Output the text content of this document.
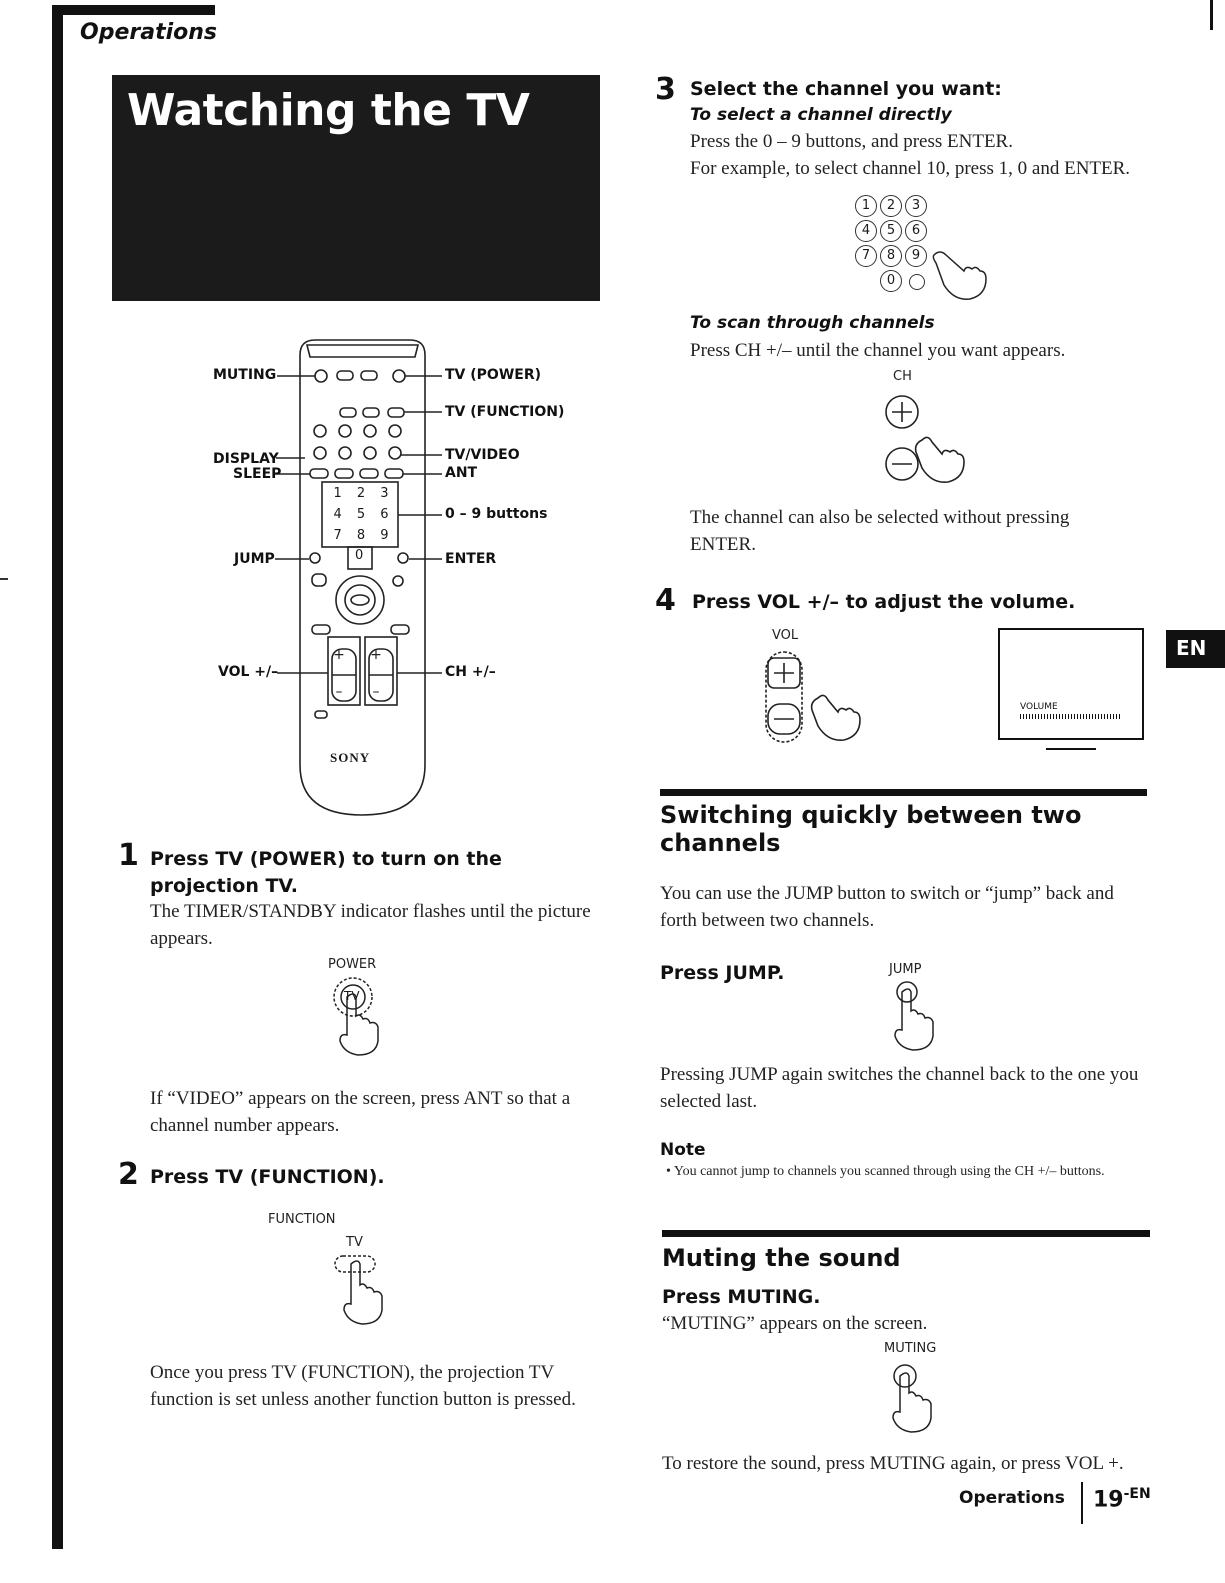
Operations
Watching the TV
+
–
+
–
1	2	3
4	5	6
7	8	9
0
SONY
MUTING
DISPLAY
SLEEP
JUMP
VOL +/–
TV (POWER)
TV (FUNCTION)
TV/VIDEO
ANT
0 – 9 buttons
ENTER
CH +/–
1 Press TV (POWER) to turn on the projection TV.
The TIMER/STANDBY indicator flashes until the picture appears.
POWER
TV
If “VIDEO” appears on the screen, press ANT so that a channel number appears.
2 Press TV (FUNCTION).
FUNCTION
TV
Once you press TV (FUNCTION), the projection TV function is set unless another function button is pressed.
3 Select the channel you want:
To select a channel directly
Press the 0 – 9 buttons, and press ENTER.
For example, to select channel 10, press 1, 0 and ENTER.
1	2	3
4	5	6
7	8	9
0
To scan through channels
Press CH +/– until the channel you want appears.
CH
The channel can also be selected without pressing ENTER.
4 Press VOL +/– to adjust the volume.
VOL
VOLUME
EN
Switching quickly between two channels
You can use the JUMP button to switch or “jump” back and forth between two channels.
Press JUMP.	JUMP
Pressing JUMP again switches the channel back to the one you selected last.
Note
• You cannot jump to channels you scanned through using the CH +/– buttons.
Muting the sound
Press MUTING.
“MUTING” appears on the screen.
MUTING
To restore the sound, press MUTING again, or press VOL +.
Operations $19^{-EN}$
